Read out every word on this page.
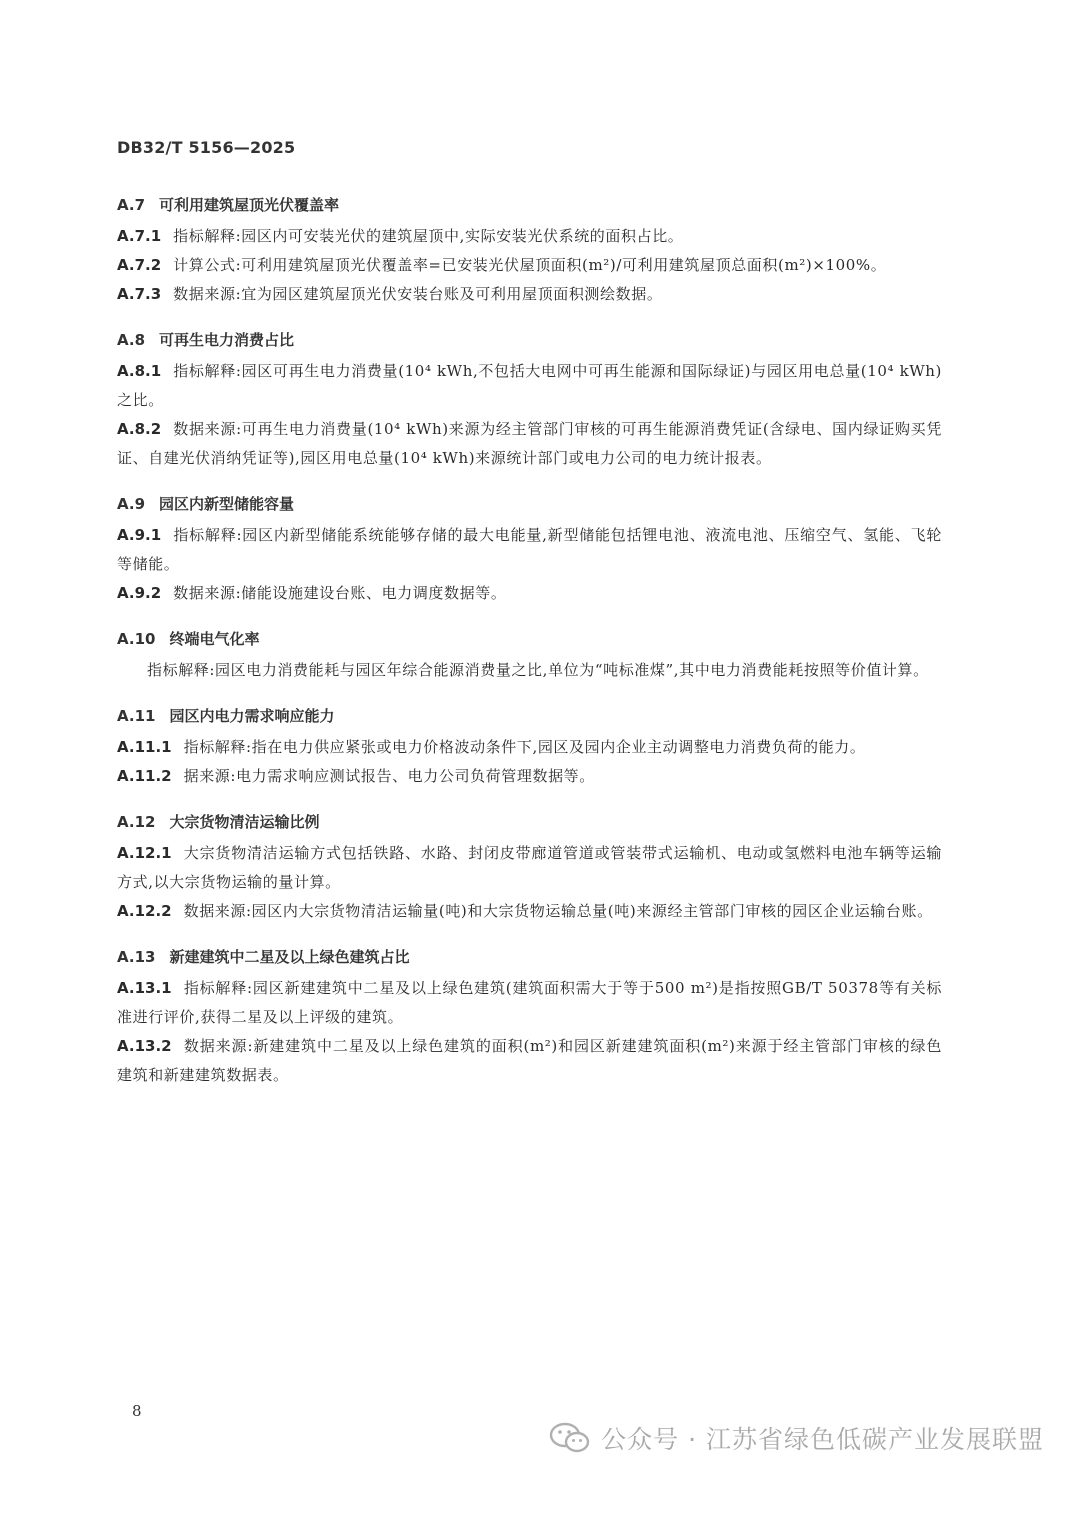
DB32/T 5156—2025
A.7 可利用建筑屋顶光伏覆盖率
A.7.1 指标解释:园区内可安装光伏的建筑屋顶中,实际安装光伏系统的面积占比。
A.7.2 计算公式:可利用建筑屋顶光伏覆盖率=已安装光伏屋顶面积(m²)/可利用建筑屋顶总面积(m²)×100%。
A.7.3 数据来源:宜为园区建筑屋顶光伏安装台账及可利用屋顶面积测绘数据。
A.8 可再生电力消费占比
A.8.1 指标解释:园区可再生电力消费量(10⁴ kWh,不包括大电网中可再生能源和国际绿证)与园区用电总量(10⁴ kWh)之比。
A.8.2 数据来源:可再生电力消费量(10⁴ kWh)来源为经主管部门审核的可再生能源消费凭证(含绿电、国内绿证购买凭证、自建光伏消纳凭证等),园区用电总量(10⁴ kWh)来源统计部门或电力公司的电力统计报表。
A.9 园区内新型储能容量
A.9.1 指标解释:园区内新型储能系统能够存储的最大电能量,新型储能包括锂电池、液流电池、压缩空气、氢能、飞轮等储能。
A.9.2 数据来源:储能设施建设台账、电力调度数据等。
A.10 终端电气化率
指标解释:园区电力消费能耗与园区年综合能源消费量之比,单位为“吨标准煤”,其中电力消费能耗按照等价值计算。
A.11 园区内电力需求响应能力
A.11.1 指标解释:指在电力供应紧张或电力价格波动条件下,园区及园内企业主动调整电力消费负荷的能力。
A.11.2 据来源:电力需求响应测试报告、电力公司负荷管理数据等。
A.12 大宗货物清洁运输比例
A.12.1 大宗货物清洁运输方式包括铁路、水路、封闭皮带廊道管道或管装带式运输机、电动或氢燃料电池车辆等运输方式,以大宗货物运输的量计算。
A.12.2 数据来源:园区内大宗货物清洁运输量(吨)和大宗货物运输总量(吨)来源经主管部门审核的园区企业运输台账。
A.13 新建建筑中二星及以上绿色建筑占比
A.13.1 指标解释:园区新建建筑中二星及以上绿色建筑(建筑面积需大于等于500 m²)是指按照GB/T 50378等有关标准进行评价,获得二星及以上评级的建筑。
A.13.2 数据来源:新建建筑中二星及以上绿色建筑的面积(m²)和园区新建建筑面积(m²)来源于经主管部门审核的绿色建筑和新建建筑数据表。
8
公众号 · 江苏省绿色低碳产业发展联盟
